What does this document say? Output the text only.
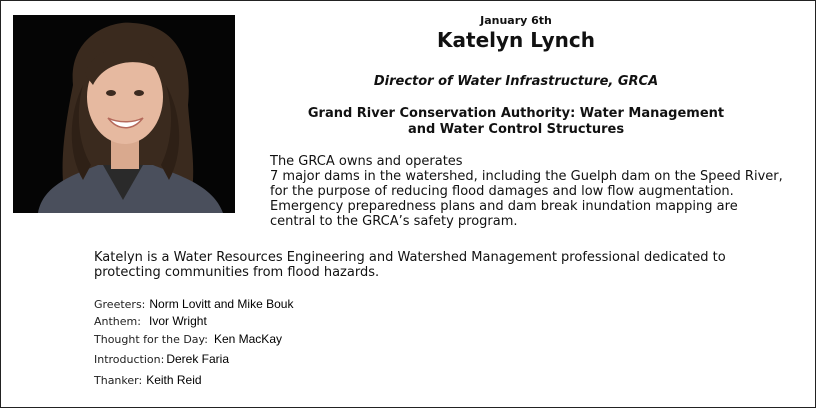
January 6th
Katelyn Lynch
Director of Water Infrastructure, GRCA
Grand River Conservation Authority: Water Management
and Water Control Structures
The GRCA owns and operates
7 major dams in the watershed, including the Guelph dam on the Speed River,
for the purpose of reducing flood damages and low flow augmentation.
Emergency preparedness plans and dam break inundation mapping are
central to the GRCA’s safety program.
Katelyn is a Water Resources Engineering and Watershed Management professional dedicated to
protecting communities from flood hazards.
Greeters: Norm Lovitt and Mike Bouk
Anthem: Ivor Wright
Thought for the Day: Ken MacKay
Introduction: Derek Faria
Thanker: Keith Reid
